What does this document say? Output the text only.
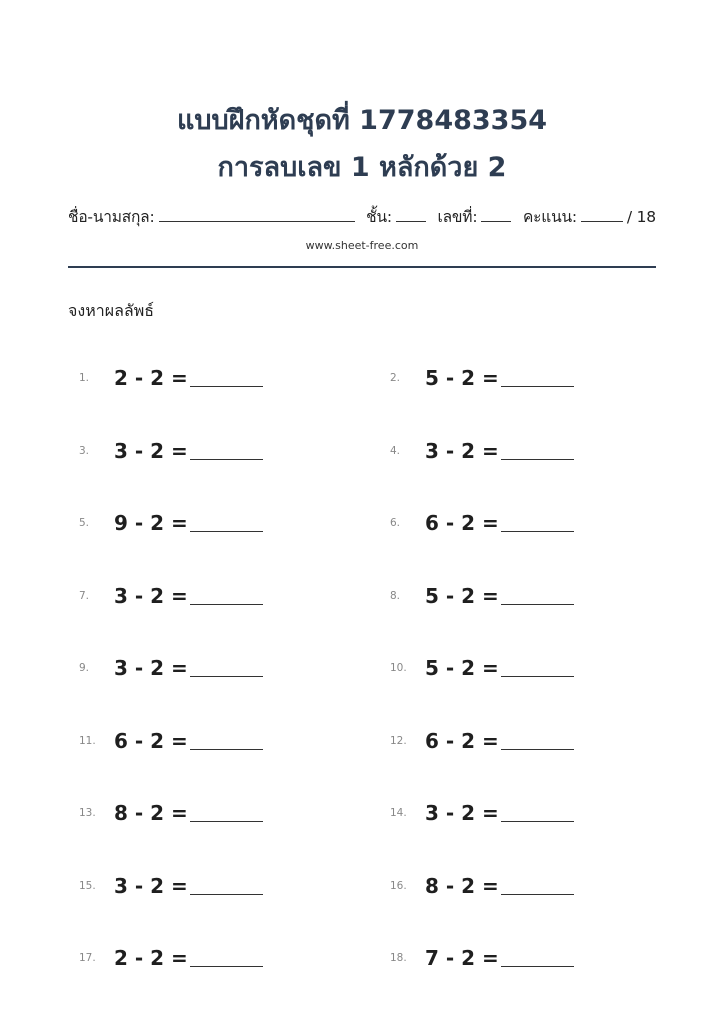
แบบฝึกหัดชุดที่ 1778483354
การลบเลข 1 หลักด้วย 2
ชื่อ-นามสกุล:	ชั้น:	เลขที่:	คะแนน:	/ 18
www.sheet-free.com
จงหาผลลัพธ์
1. 2 - 2 =	2. 5 - 2 =
3. 3 - 2 =	4. 3 - 2 =
5. 9 - 2 =	6. 6 - 2 =
7. 3 - 2 =	8. 5 - 2 =
9. 3 - 2 =	10. 5 - 2 =
11. 6 - 2 =	12. 6 - 2 =
13. 8 - 2 =	14. 3 - 2 =
15. 3 - 2 =	16. 8 - 2 =
17. 2 - 2 =	18. 7 - 2 =
